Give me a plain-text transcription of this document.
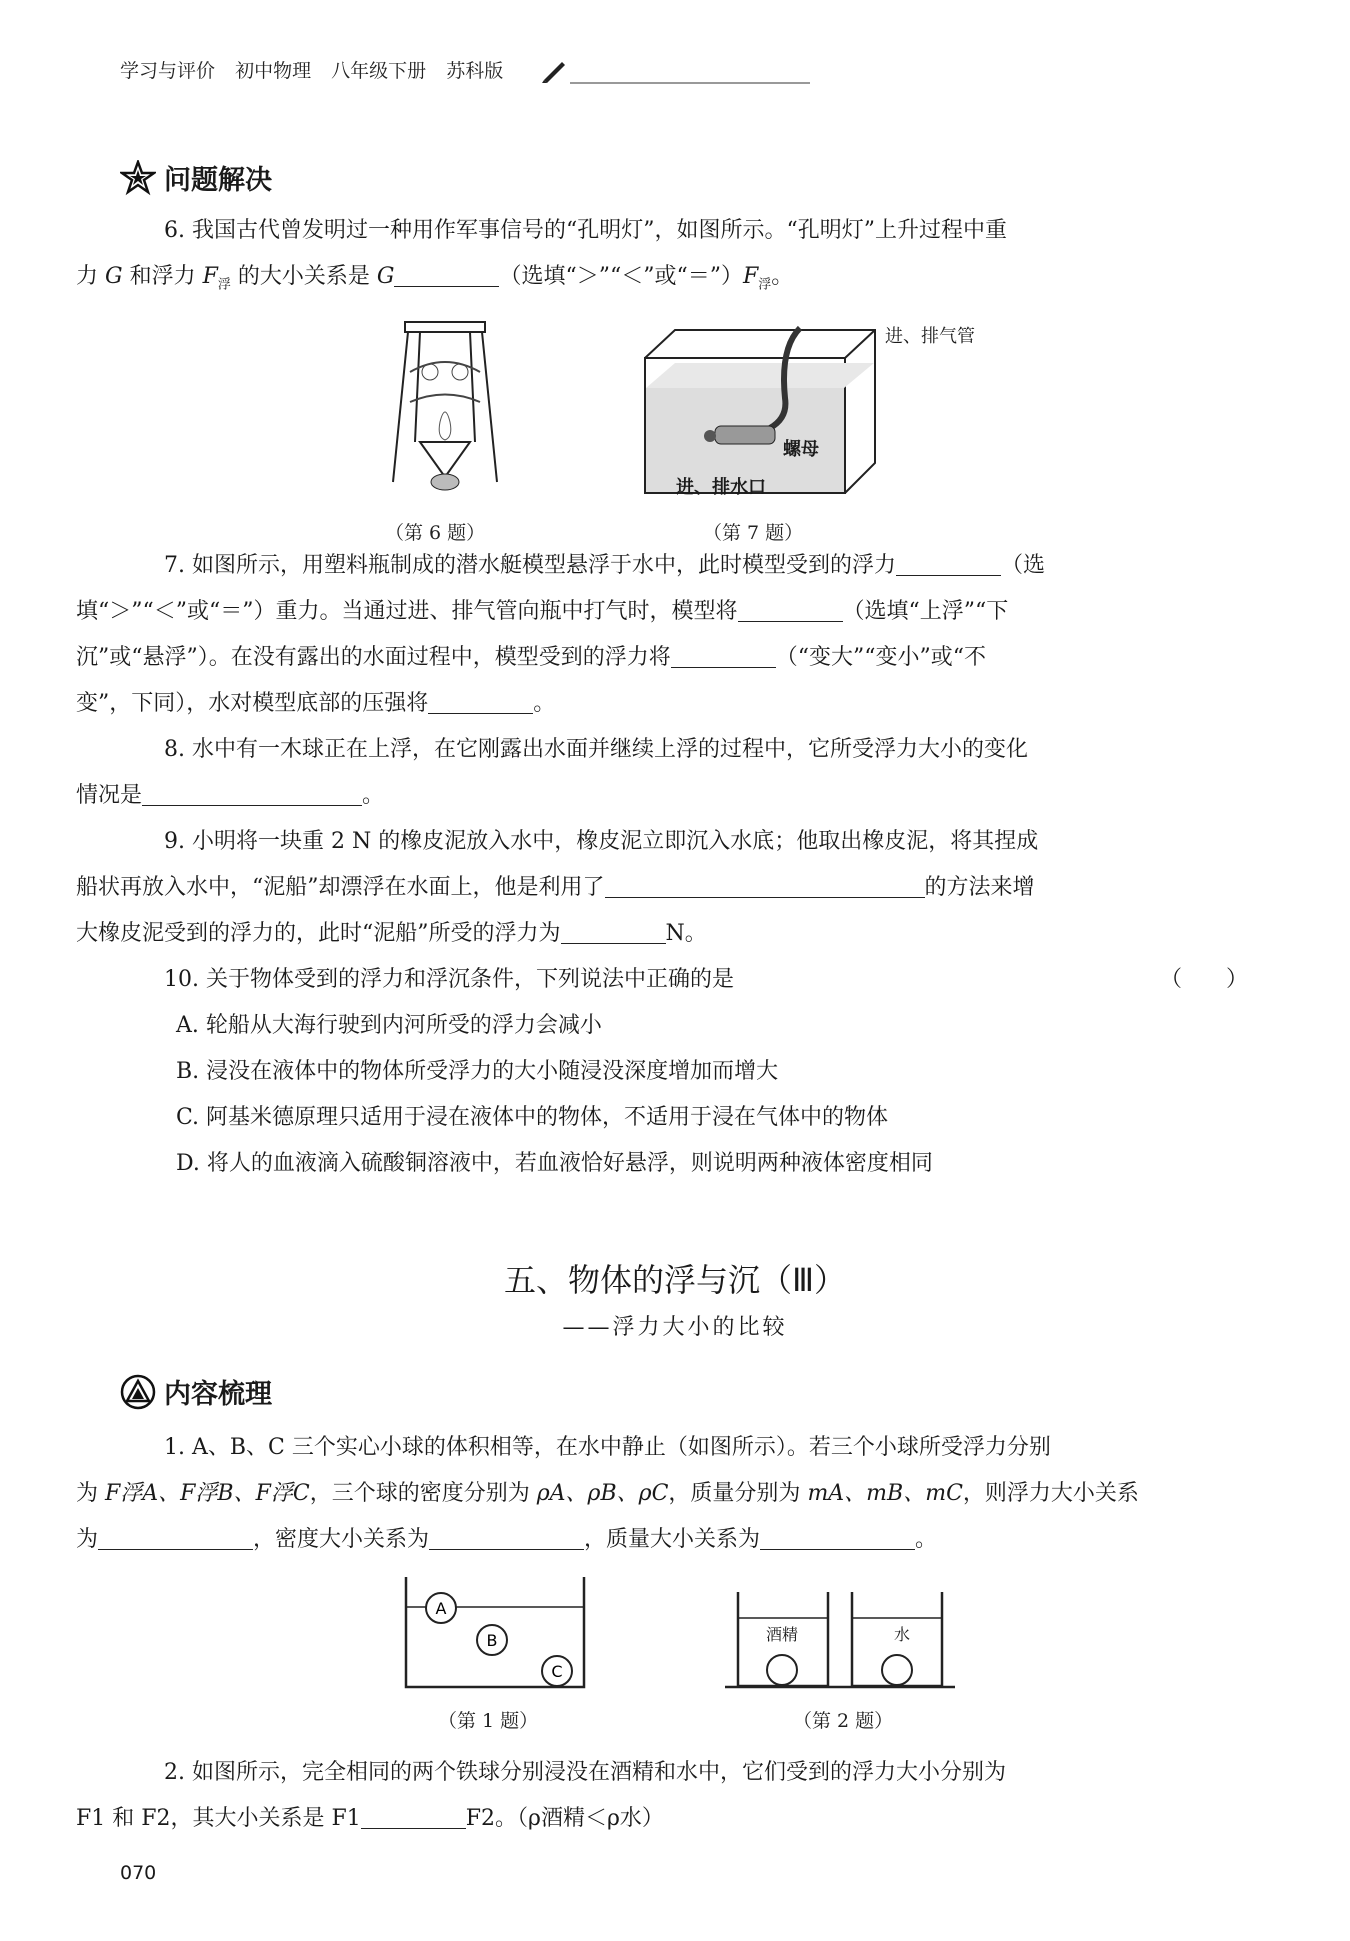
学习与评价 初中物理 八年级下册 苏科版
问题解决
6. 我国古代曾发明过一种用作军事信号的“孔明灯”，如图所示。“孔明灯”上升过程中重
力 G 和浮力 $F_浮$ 的大小关系是 G	（选填“＞”“＜”或“$=”)F_浮$。
进、排气管
螺母
进、排水口
（第 6 题）	（第 7 题）
7. 如图所示，用塑料瓶制成的潜水艇模型悬浮于水中，此时模型受到的浮力	（选
填“＞”“＜”或“＝”）重力。当通过进、排气管向瓶中打气时，模型将	（选填“上浮”“下
沉”或“悬浮”）。在没有露出的水面过程中，模型受到的浮力将	（“变大”“变小”或“不
变”，下同），水对模型底部的压强将	。
8. 水中有一木球正在上浮，在它刚露出水面并继续上浮的过程中，它所受浮力大小的变化
情况是	。
9. 小明将一块重 2 N 的橡皮泥放入水中，橡皮泥立即沉入水底；他取出橡皮泥，将其捏成
船状再放入水中，“泥船”却漂浮在水面上，他是利用了	的方法来增
大橡皮泥受到的浮力的，此时“泥船”所受的浮力为	N。
10. 关于物体受到的浮力和浮沉条件，下列说法中正确的是	（　　）
A. 轮船从大海行驶到内河所受的浮力会减小
B. 浸没在液体中的物体所受浮力的大小随浸没深度增加而增大
C. 阿基米德原理只适用于浸在液体中的物体，不适用于浸在气体中的物体
D. 将人的血液滴入硫酸铜溶液中，若血液恰好悬浮，则说明两种液体密度相同
五、物体的浮与沉（Ⅲ）
——浮力大小的比较
内容梳理
1. A、B、C 三个实心小球的体积相等，在水中静止（如图所示）。若三个小球所受浮力分别
为 F浮A、F浮B、F浮C，三个球的密度分别为 ρA、ρB、ρC，质量分别为 mA、mB、mC，则浮力大小关系
为	，密度大小关系为	，质量大小关系为	。
A
B
C
（第 1 题）
酒精	水
（第 2 题）
2. 如图所示，完全相同的两个铁球分别浸没在酒精和水中，它们受到的浮力大小分别为
F1 和 F2，其大小关系是 F1	F2。（ρ酒精＜ρ水）
070
